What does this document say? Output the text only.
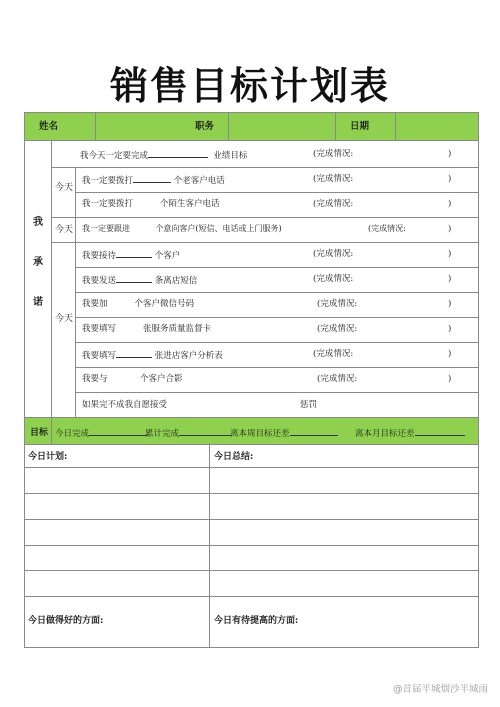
销售目标计划表
姓名	职务	日期
我
承
诺
我今天一定要完成	业绩目标	(完成情况:	)
今天
我一定要拨打	个老客户电话	(完成情况:	)
我一定要拨打	个陌生客户电话	(完成情况:	)
今天 我一定要跟进	个意向客户(短信、电话或上门服务)	(完成情况:	)
今天
我要接待	个客户	(完成情况:	)
我要发送	条离店短信	(完成情况:	)
我要加	个客户微信号码	(完成情况:	)
我要填写	张服务质量监督卡	(完成情况:	)
我要填写	张进店客户分析表	(完成情况:	)
我要与	个客户合影	(完成情况:	)
如果完不成我自愿接受	惩罚
目标 今日完成	累计完成	离本周目标还差	离本月目标还差
今日计划:	今日总结:
今日做得好的方面:	今日有待提高的方面:
@首届半城烟沙半城雨
